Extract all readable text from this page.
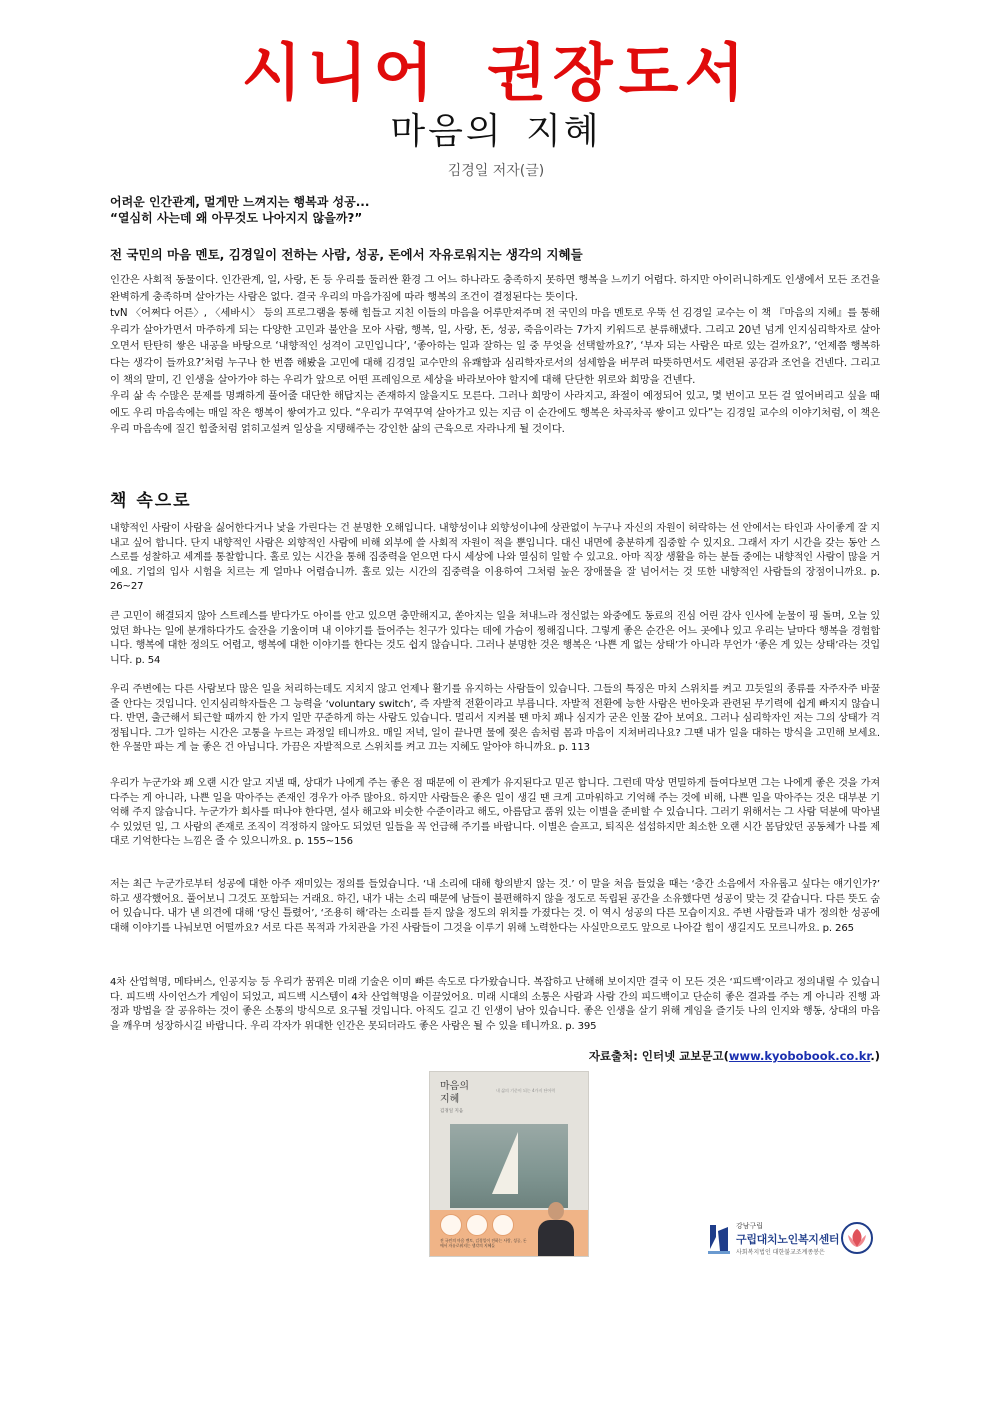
시니어 권장도서
마음의 지혜
김경일 저자(글)
어려운 인간관계, 멀게만 느껴지는 행복과 성공...
“열심히 사는데 왜 아무것도 나아지지 않을까?”
전 국민의 마음 멘토, 김경일이 전하는 사람, 성공, 돈에서 자유로워지는 생각의 지혜들

인간은 사회적 동물이다. 인간관계, 일, 사랑, 돈 등 우리를 둘러싼 환경 그 어느 하나라도 충족하지 못하면 행복을 느끼기 어렵다. 하지만 아이러니하게도 인생에서 모든 조건을 완벽하게 충족하며 살아가는 사람은 없다. 결국 우리의 마음가짐에 따라 행복의 조건이 결정된다는 뜻이다.

tvN 〈어쩌다 어른〉, 〈세바시〉 등의 프로그램을 통해 힘들고 지친 이들의 마음을 어루만져주며 전 국민의 마음 멘토로 우뚝 선 김경일 교수는 이 책 『마음의 지혜』를 통해 우리가 살아가면서 마주하게 되는 다양한 고민과 불안을 모아 사람, 행복, 일, 사랑, 돈, 성공, 죽음이라는 7가지 키워드로 분류해냈다. 그리고 20년 넘게 인지심리학자로 살아오면서 탄탄히 쌓은 내공을 바탕으로 ‘내향적인 성격이 고민입니다’, ‘좋아하는 일과 잘하는 일 중 무엇을 선택할까요?’, ‘부자 되는 사람은 따로 있는 걸까요?’, ‘언제쯤 행복하다는 생각이 들까요?’처럼 누구나 한 번쯤 해봤을 고민에 대해 김경일 교수만의 유쾌함과 심리학자로서의 섬세함을 버무려 따뜻하면서도 세련된 공감과 조언을 건넨다. 그리고 이 책의 말미, 긴 인생을 살아가야 하는 우리가 앞으로 어떤 프레임으로 세상을 바라보아야 할지에 대해 단단한 위로와 희망을 건넨다.

우리 삶 속 수많은 문제를 명쾌하게 풀어줄 대단한 해답지는 존재하지 않을지도 모른다. 그러나 희망이 사라지고, 좌절이 예정되어 있고, 몇 번이고 모든 걸 엎어버리고 싶을 때에도 우리 마음속에는 매일 작은 행복이 쌓여가고 있다. “우리가 꾸역꾸역 살아가고 있는 지금 이 순간에도 행복은 차곡차곡 쌓이고 있다”는 김경일 교수의 이야기처럼, 이 책은 우리 마음속에 질긴 힘줄처럼 얽히고설켜 일상을 지탱해주는 강인한 삶의 근육으로 자라나게 될 것이다.

책 속으로
내향적인 사람이 사람을 싫어한다거나 낯을 가린다는 건 분명한 오해입니다. 내향성이냐 외향성이냐에 상관없이 누구나 자신의 자원이 허락하는 선 안에서는 타인과 사이좋게 잘 지내고 싶어 합니다. 단지 내향적인 사람은 외향적인 사람에 비해 외부에 쓸 사회적 자원이 적을 뿐입니다. 대신 내면에 충분하게 집중할 수 있지요. 그래서 자기 시간을 갖는 동안 스스로를 성찰하고 세계를 통찰합니다. 홀로 있는 시간을 통해 집중력을 얻으면 다시 세상에 나와 열심히 일할 수 있고요. 아마 직장 생활을 하는 분들 중에는 내향적인 사람이 많을 거예요. 기업의 입사 시험을 치르는 게 얼마나 어렵습니까. 홀로 있는 시간의 집중력을 이용하여 그처럼 높은 장애물을 잘 넘어서는 것 또한 내향적인 사람들의 장점이니까요. p. 26~27
큰 고민이 해결되지 않아 스트레스를 받다가도 아이를 안고 있으면 충만해지고, 쏟아지는 일을 쳐내느라 정신없는 와중에도 동료의 진심 어린 감사 인사에 눈물이 핑 돌며, 오늘 있었던 화나는 일에 분개하다가도 술잔을 기울이며 내 이야기를 들어주는 친구가 있다는 데에 가슴이 찡해집니다. 그렇게 좋은 순간은 어느 곳에나 있고 우리는 날마다 행복을 경험합니다. 행복에 대한 정의도 어렵고, 행복에 대한 이야기를 한다는 것도 쉽지 않습니다. 그러나 분명한 것은 행복은 ‘나쁜 게 없는 상태’가 아니라 무언가 ‘좋은 게 있는 상태’라는 것입니다. p. 54
우리 주변에는 다른 사람보다 많은 일을 처리하는데도 지치지 않고 언제나 활기를 유지하는 사람들이 있습니다. 그들의 특징은 마치 스위치를 켜고 끄듯일의 종류를 자주자주 바꿀 줄 안다는 것입니다. 인지심리학자들은 그 능력을 ‘voluntary switch’, 즉 자발적 전환이라고 부릅니다. 자발적 전환에 능한 사람은 번아웃과 관련된 무기력에 쉽게 빠지지 않습니다. 반면, 출근해서 퇴근할 때까지 한 가지 일만 꾸준하게 하는 사람도 있습니다. 멀리서 지켜볼 땐 마치 꽤나 심지가 굳은 인물 같아 보여요. 그러나 심리학자인 저는 그의 상태가 걱정됩니다. 그가 일하는 시간은 고통을 누르는 과정일 테니까요. 매일 저녁, 일이 끝나면 물에 젖은 솜처럼 몸과 마음이 지쳐버리나요? 그땐 내가 일을 대하는 방식을 고민해 보세요. 한 우물만 파는 게 늘 좋은 건 아닙니다. 가끔은 자발적으로 스위치를 켜고 끄는 지혜도 알아야 하니까요. p. 113
우리가 누군가와 꽤 오랜 시간 알고 지낼 때, 상대가 나에게 주는 좋은 점 때문에 이 관계가 유지된다고 믿곤 합니다. 그런데 막상 면밀하게 들여다보면 그는 나에게 좋은 것을 가져다주는 게 아니라, 나쁜 일을 막아주는 존재인 경우가 아주 많아요. 하지만 사람들은 좋은 일이 생길 땐 크게 고마워하고 기억해 주는 것에 비해, 나쁜 일을 막아주는 것은 대부분 기억해 주지 않습니다. 누군가가 회사를 떠나야 한다면, 설사 해고와 비슷한 수준이라고 해도, 아름답고 품위 있는 이별을 준비할 수 있습니다. 그러기 위해서는 그 사람 덕분에 막아낼 수 있었던 일, 그 사람의 존재로 조직이 걱정하지 않아도 되었던 일들을 꼭 언급해 주기를 바랍니다. 이별은 슬프고, 퇴직은 섭섭하지만 최소한 오랜 시간 몸담았던 공동체가 나를 제대로 기억한다는 느낌은 줄 수 있으니까요. p. 155~156
저는 최근 누군가로부터 성공에 대한 아주 재미있는 정의를 들었습니다. ‘내 소리에 대해 항의받지 않는 것.’ 이 말을 처음 들었을 때는 ‘층간 소음에서 자유롭고 싶다는 얘기인가?’ 하고 생각했어요. 풀어보니 그것도 포함되는 거래요. 하긴, 내가 내는 소리 때문에 남들이 불편해하지 않을 정도로 독립된 공간을 소유했다면 성공이 맞는 것 같습니다. 다른 뜻도 숨어 있습니다. 내가 낸 의견에 대해 ‘당신 틀렸어’, ‘조용히 해’라는 소리를 듣지 않을 정도의 위치를 가졌다는 것. 이 역시 성공의 다른 모습이지요. 주변 사람들과 내가 정의한 성공에 대해 이야기를 나눠보면 어떨까요? 서로 다른 목적과 가치관을 가진 사람들이 그것을 이루기 위해 노력한다는 사실만으로도 앞으로 나아갈 힘이 생길지도 모르니까요. p. 265
4차 산업혁명, 메타버스, 인공지능 등 우리가 꿈꿔온 미래 기술은 이미 빠른 속도로 다가왔습니다. 복잡하고 난해해 보이지만 결국 이 모든 것은 ‘피드백’이라고 정의내릴 수 있습니다. 피드백 사이언스가 게임이 되었고, 피드백 시스템이 4차 산업혁명을 이끌었어요. 미래 시대의 소통은 사람과 사람 간의 피드백이고 단순히 좋은 결과를 주는 게 아니라 진행 과정과 방법을 잘 공유하는 것이 좋은 소통의 방식으로 요구될 것입니다. 아직도 길고 긴 인생이 남아 있습니다. 좋은 인생을 살기 위해 게임을 즐기듯 나의 인지와 행동, 상대의 마음을 깨우며 성장하시길 바랍니다. 우리 각자가 위대한 인간은 못되더라도 좋은 사람은 될 수 있을 테니까요. p. 395
자료출처: 인터넷 교보문고(www.kyobobook.co.kr.)
마음의
지혜
김경일 지음
내 삶의 기준이 되는 4가지 단어력
전 국민의 마음 멘토, 김경일이 전하는 사람, 성공, 돈에서 자유로워지는 생각의 지혜들
강남구립
구립대치노인복지센터
사회복지법인 대한불교조계종봉은
